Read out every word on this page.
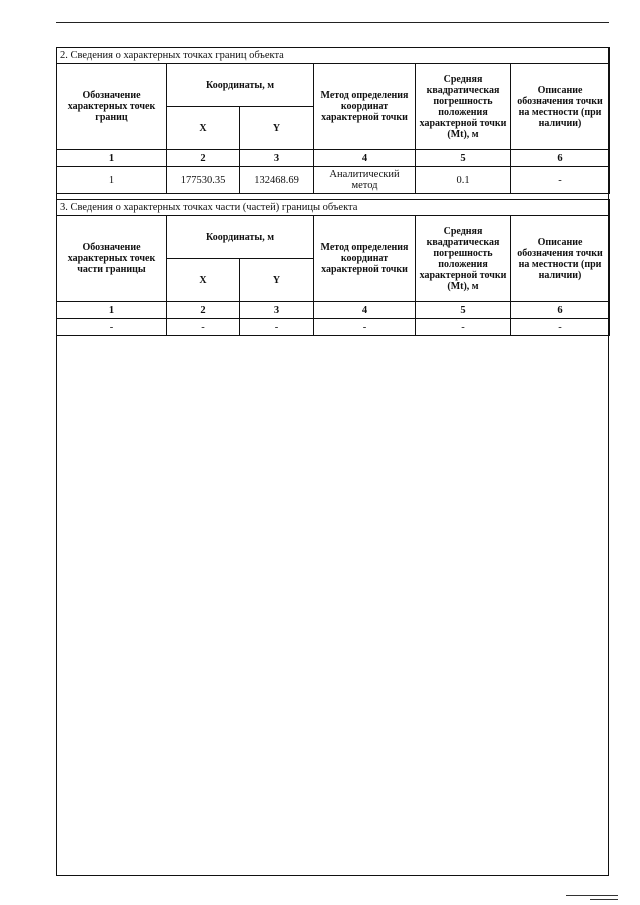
2. Сведения о характерных точках границ объекта					
Обозначение характерных точек границ	Координаты, м		Метод определения координат характерной точки	Средняя квадратическая погрешность положения характерной точки (Mt), м	Описание обозначения точки на местности (при наличии)
	X	Y			
1	2	3	4	5	6
1	177530.35	132468.69	Аналитический метод	0.1	-
3. Сведения о характерных точках части (частей) границы объекта					
Обозначение характерных точек части границы	Координаты, м		Метод определения координат характерной точки	Средняя квадратическая погрешность положения характерной точки (Mt), м	Описание обозначения точки на местности (при наличии)
	X	Y			
1	2	3	4	5	6
-	-	-	-	-	-
